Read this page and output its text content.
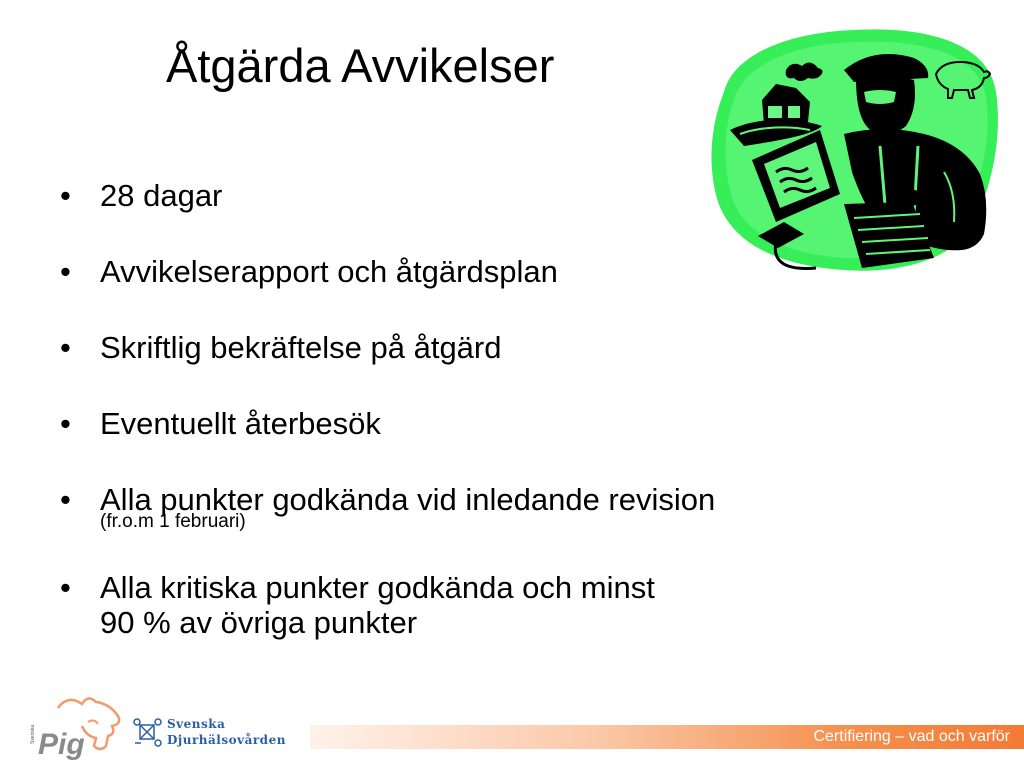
Åtgärda Avvikelser
• 28 dagar
• Avvikelserapport och åtgärdsplan
• Skriftlig bekräftelse på åtgärd
• Eventuellt återbesök
• Alla punkter godkända vid inledande revision
(fr.o.m 1 februari)
• Alla kritiska punkter godkända och minst
90 % av övriga punkter
Svenska Pig
Svenska
Djurhälsovården	Certifiering – vad och varför
